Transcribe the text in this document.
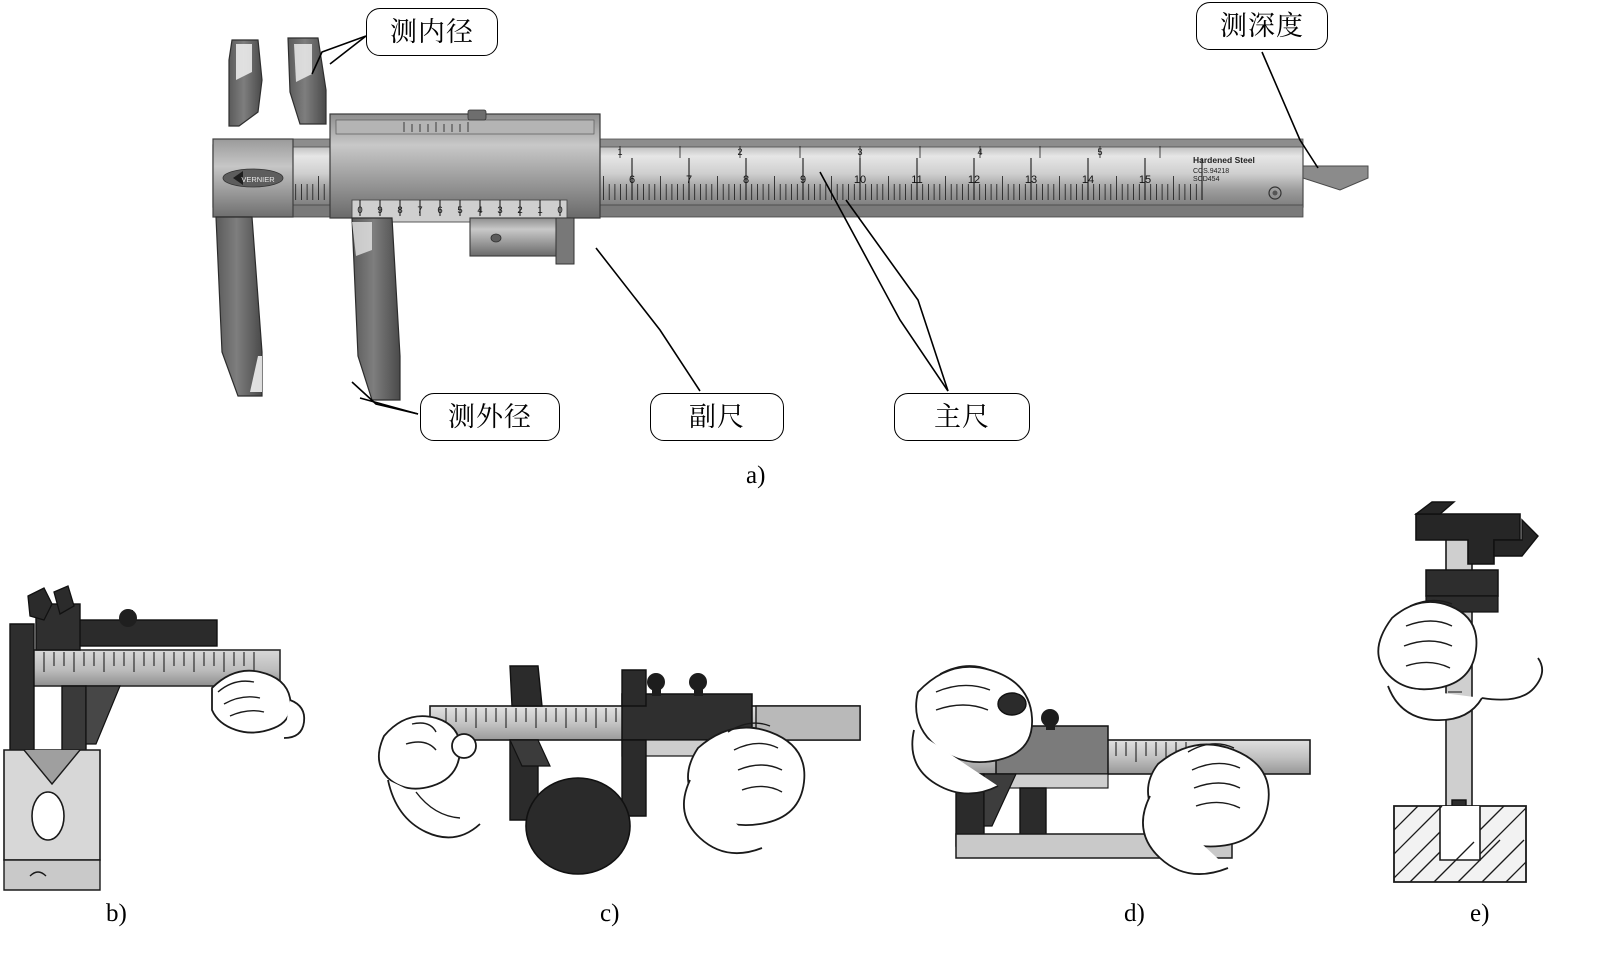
6	7	8	9	10	11	12	13	14	15
1	2	3	4	5
Hardened Steel
CCS.94218
SCD454
VERNIER
0 9 8 7 6 5 4 3 2 1 0
测内径	测深度
测外径	副尺	主尺
b)	c)	d)	e)
a)
